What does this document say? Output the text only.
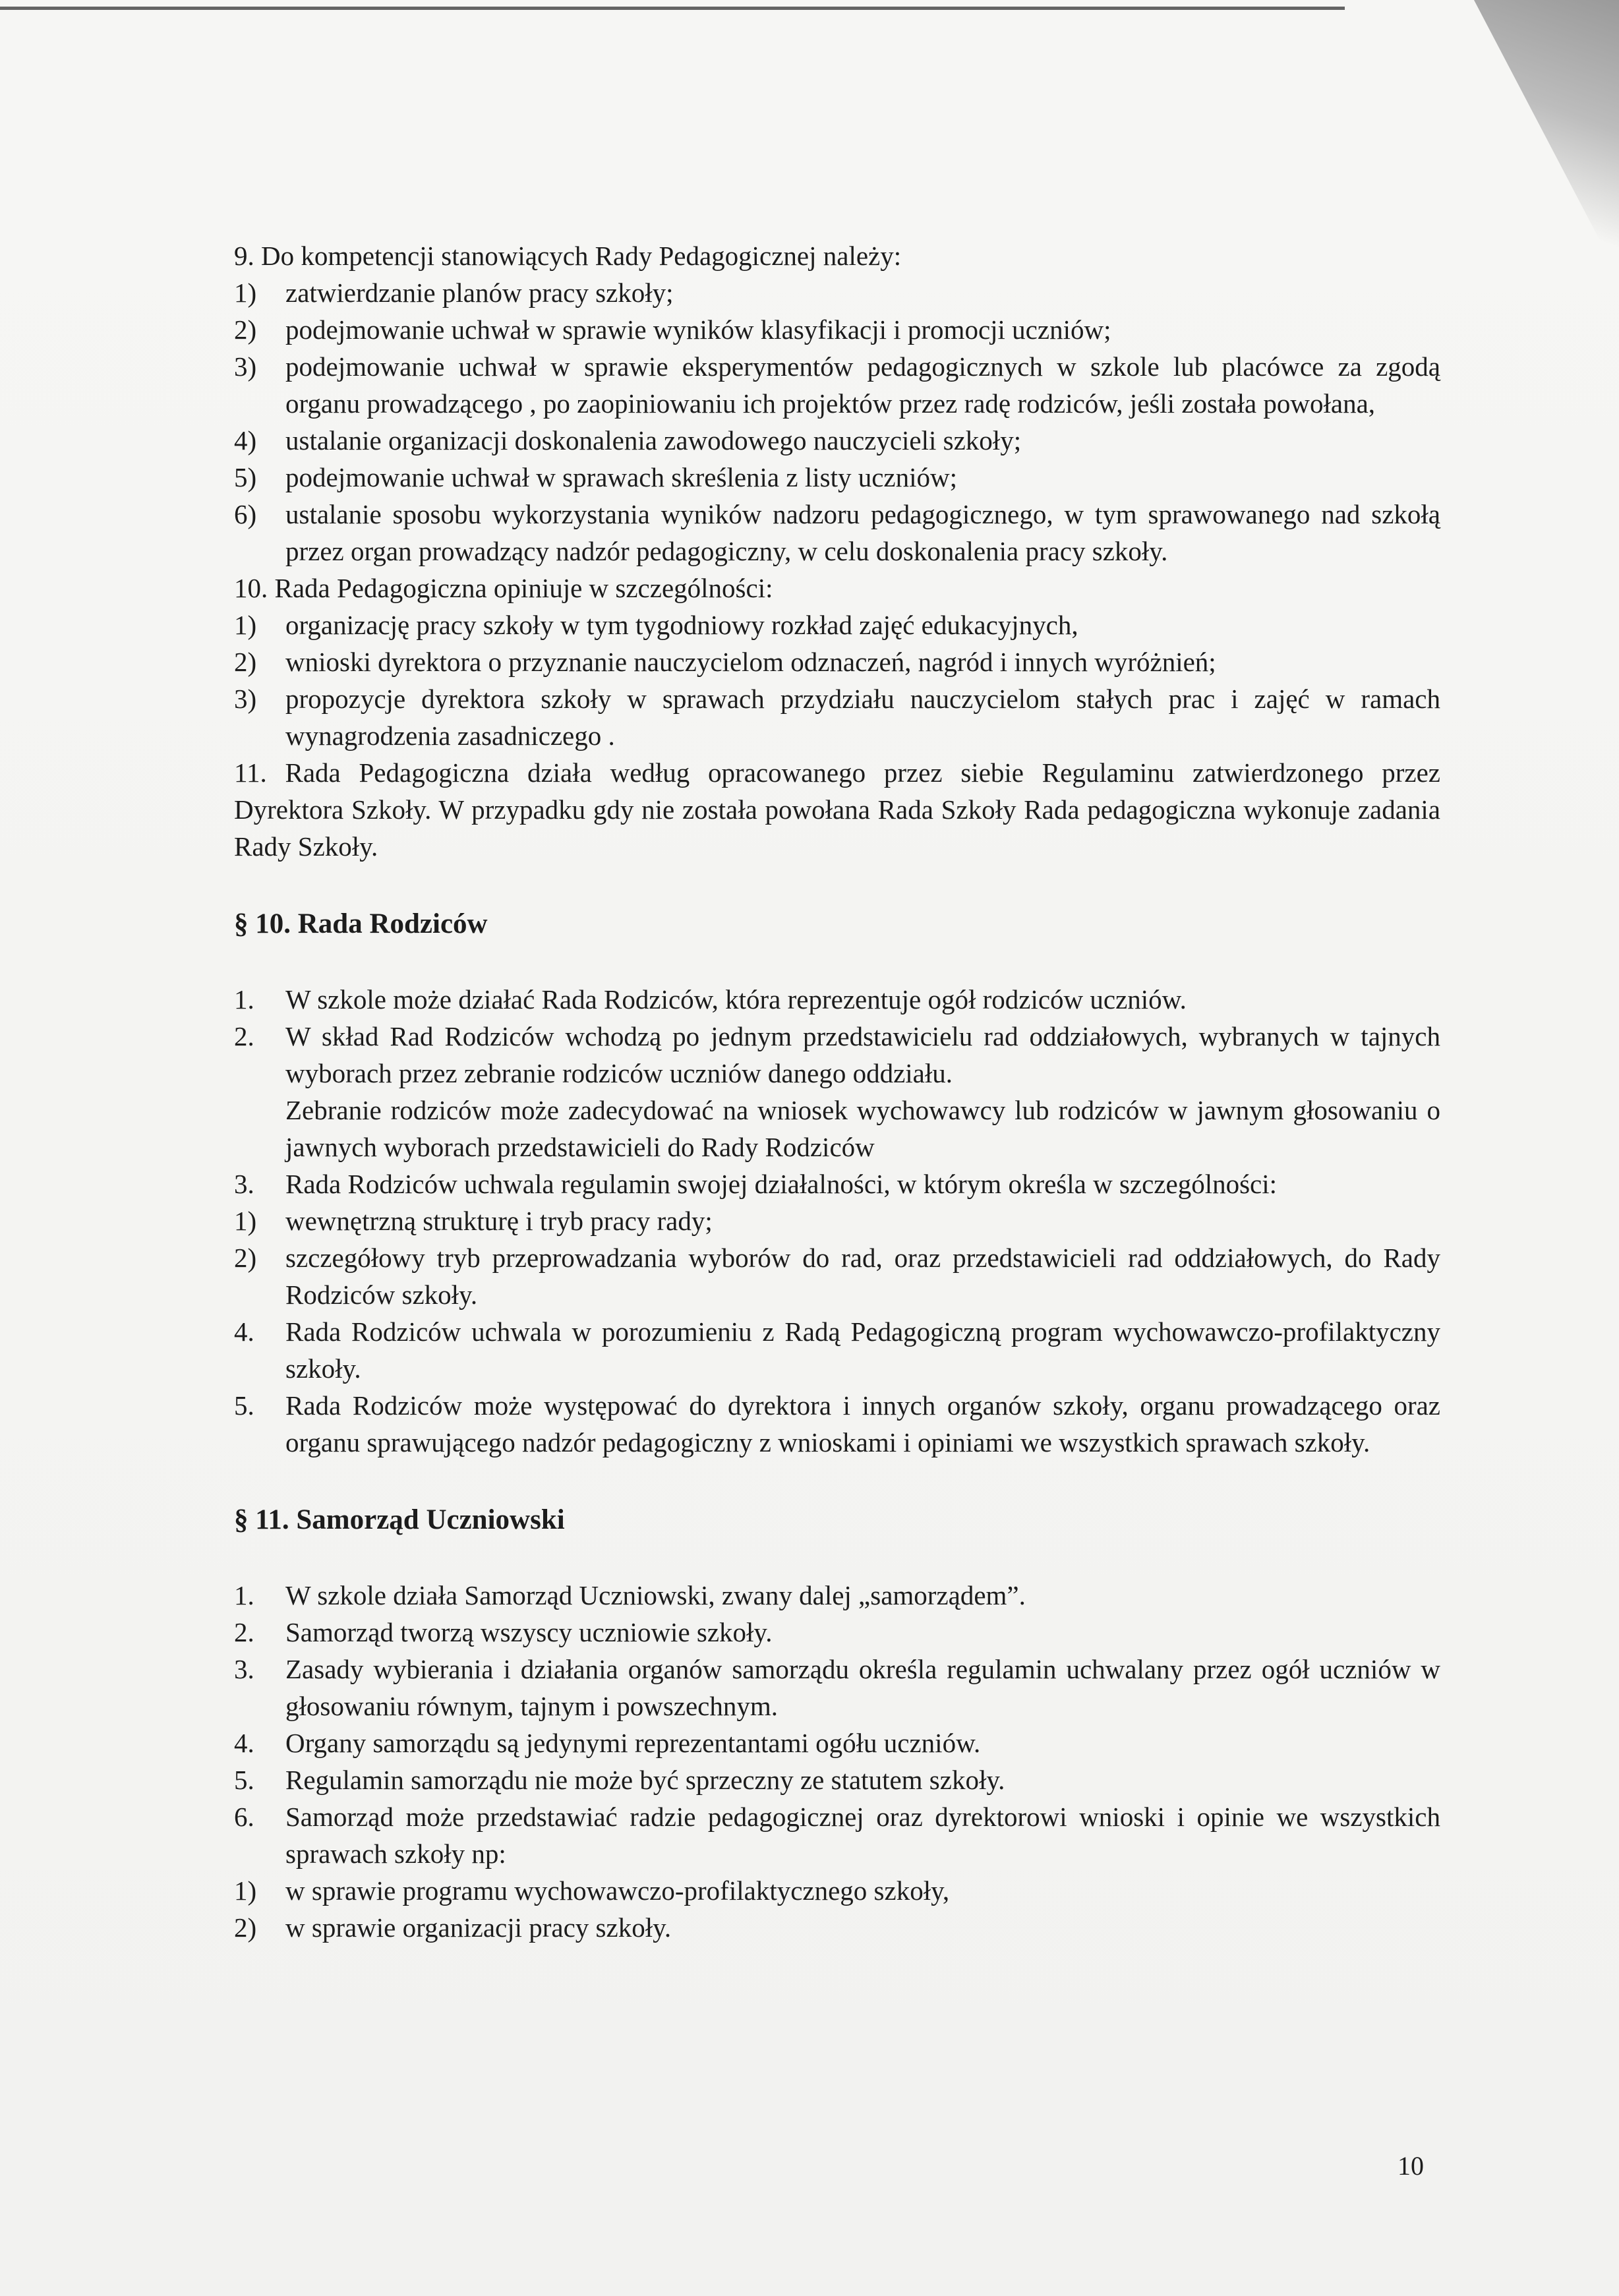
9. Do kompetencji stanowiących Rady Pedagogicznej należy:

1) zatwierdzanie planów pracy szkoły;
2) podejmowanie uchwał w sprawie wyników klasyfikacji i promocji uczniów;
3) podejmowanie uchwał w sprawie eksperymentów pedagogicznych w szkole lub placówce za zgodą organu prowadzącego , po zaopiniowaniu ich projektów przez radę rodziców, jeśli została powołana,
4) ustalanie organizacji doskonalenia zawodowego nauczycieli szkoły;
5) podejmowanie uchwał w sprawach skreślenia z listy uczniów;
6) ustalanie sposobu wykorzystania wyników nadzoru pedagogicznego, w tym sprawowanego nad szkołą przez organ prowadzący nadzór pedagogiczny, w celu doskonalenia pracy szkoły.

10. Rada Pedagogiczna opiniuje w szczególności:

1) organizację pracy szkoły w tym tygodniowy rozkład zajęć edukacyjnych,
2) wnioski dyrektora o przyznanie nauczycielom odznaczeń, nagród i innych wyróżnień;
3) propozycje dyrektora szkoły w sprawach przydziału nauczycielom stałych prac i zajęć w ramach wynagrodzenia zasadniczego .

11. Rada Pedagogiczna działa według opracowanego przez siebie Regulaminu zatwierdzonego przez Dyrektora Szkoły. W przypadku gdy nie została powołana Rada Szkoły Rada pedagogiczna wykonuje zadania Rady Szkoły.

§ 10. Rada Rodziców
1. W szkole może działać Rada Rodziców, która reprezentuje ogół rodziców uczniów.
2. W skład Rad Rodziców wchodzą po jednym przedstawicielu rad oddziałowych, wybranych w tajnych wyborach przez zebranie rodziców uczniów danego oddziału.
Zebranie rodziców może zadecydować na wniosek wychowawcy lub rodziców w jawnym głosowaniu o jawnych wyborach przedstawicieli do Rady Rodziców
3. Rada Rodziców uchwala regulamin swojej działalności, w którym określa w szczególności:
1) wewnętrzną strukturę i tryb pracy rady;
2) szczegółowy tryb przeprowadzania wyborów do rad, oraz przedstawicieli rad oddziałowych, do Rady Rodziców szkoły.
4. Rada Rodziców uchwala w porozumieniu z Radą Pedagogiczną program wychowawczo-profilaktyczny szkoły.
5. Rada Rodziców może występować do dyrektora i innych organów szkoły, organu prowadzącego oraz organu sprawującego nadzór pedagogiczny z wnioskami i opiniami we wszystkich sprawach szkoły.
§ 11. Samorząd Uczniowski
1. W szkole działa Samorząd Uczniowski, zwany dalej „samorządem”.
2. Samorząd tworzą wszyscy uczniowie szkoły.
3. Zasady wybierania i działania organów samorządu określa regulamin uchwalany przez ogół uczniów w głosowaniu równym, tajnym i powszechnym.
4. Organy samorządu są jedynymi reprezentantami ogółu uczniów.
5. Regulamin samorządu nie może być sprzeczny ze statutem szkoły.
6. Samorząd może przedstawiać radzie pedagogicznej oraz dyrektorowi wnioski i opinie we wszystkich sprawach szkoły np:
1) w sprawie programu wychowawczo-profilaktycznego szkoły,
2) w sprawie organizacji pracy szkoły.
10
